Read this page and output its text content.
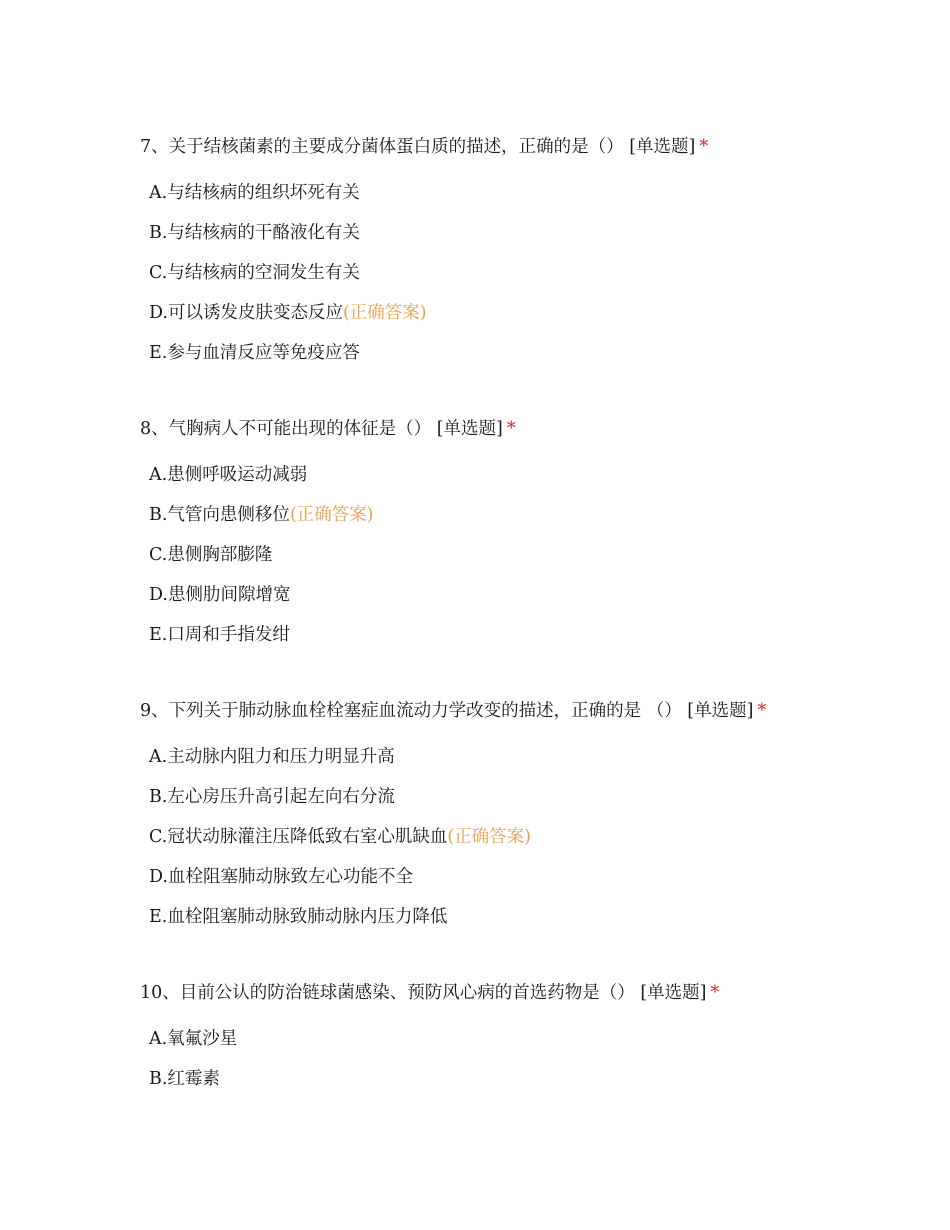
7、关于结核菌素的主要成分菌体蛋白质的描述，正确的是（） [单选题] *
A.与结核病的组织坏死有关
B.与结核病的干酪液化有关
C.与结核病的空洞发生有关
D.可以诱发皮肤变态反应(正确答案)
E.参与血清反应等免疫应答
8、气胸病人不可能出现的体征是（） [单选题] *
A.患侧呼吸运动减弱
B.气管向患侧移位(正确答案)
C.患侧胸部膨隆
D.患侧肋间隙增宽
E.口周和手指发绀
9、下列关于肺动脉血栓栓塞症血流动力学改变的描述，正确的是 （） [单选题] *
A.主动脉内阻力和压力明显升高
B.左心房压升高引起左向右分流
C.冠状动脉灌注压降低致右室心肌缺血(正确答案)
D.血栓阻塞肺动脉致左心功能不全
E.血栓阻塞肺动脉致肺动脉内压力降低
10、目前公认的防治链球菌感染、预防风心病的首选药物是（） [单选题] *
A.氧氟沙星
B.红霉素
